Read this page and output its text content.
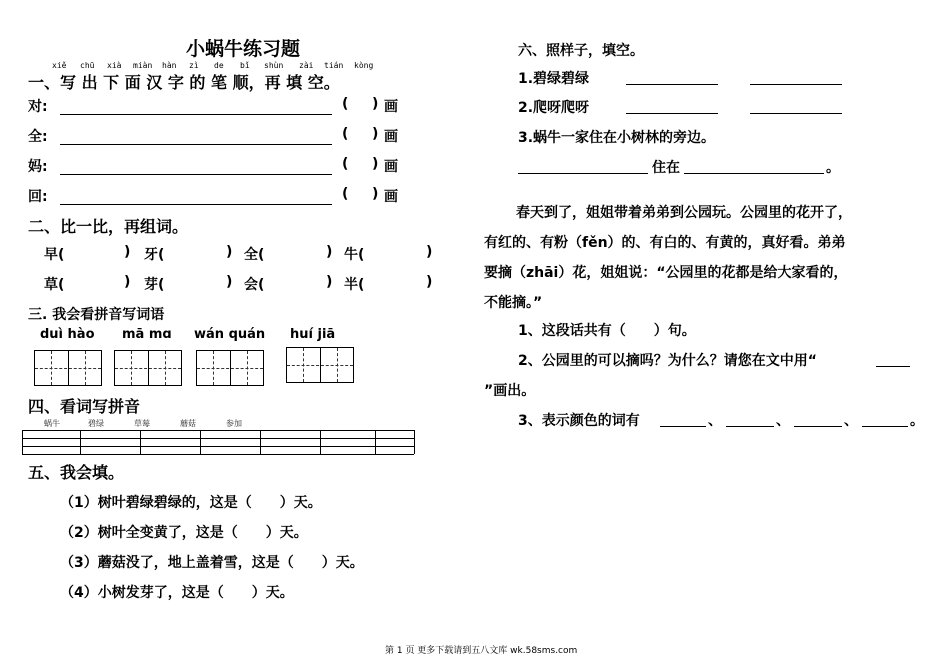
小蜗牛练习题
xiě chū xià miàn hàn zì de bǐ shùn zài tián kòng
一、写 出 下 面 汉 字 的 笔 顺，再 填 空。
对:	( ) 画
全:	( ) 画
妈:	( ) 画
回:	( ) 画
二、比一比，再组词。
早(	) 牙(	) 全(	) 牛(	)
草(	) 芽(	) 会(	) 半(	)
三. 我会看拼音写词语
duì hào mā mɑ wán quán huí jiā
四、看词写拼音
蜗牛	碧绿	草莓	蘑菇	参加
五、我会填。
（1）树叶碧绿碧绿的，这是（　　）天。
（2）树叶全变黄了，这是（　　）天。
（3）蘑菇没了，地上盖着雪，这是（　　）天。
（4）小树发芽了，这是（　　）天。
六、照样子，填空。
1.碧绿碧绿
2.爬呀爬呀
3.蜗牛一家住在小树林的旁边。
住在	。
春天到了，姐姐带着弟弟到公园玩。公园里的花开了，
有红的、有粉（fěn）的、有白的、有黄的，真好看。弟弟
要摘（zhāi）花，姐姐说：“公园里的花都是给大家看的，
不能摘。”
1、这段话共有（　　）句。
2、公园里的可以摘吗？为什么？请您在文中用“
”画出。
3、表示颜色的词有	、	、	、	。
第 1 页 更多下载请到五八文库 wk.58sms.com
